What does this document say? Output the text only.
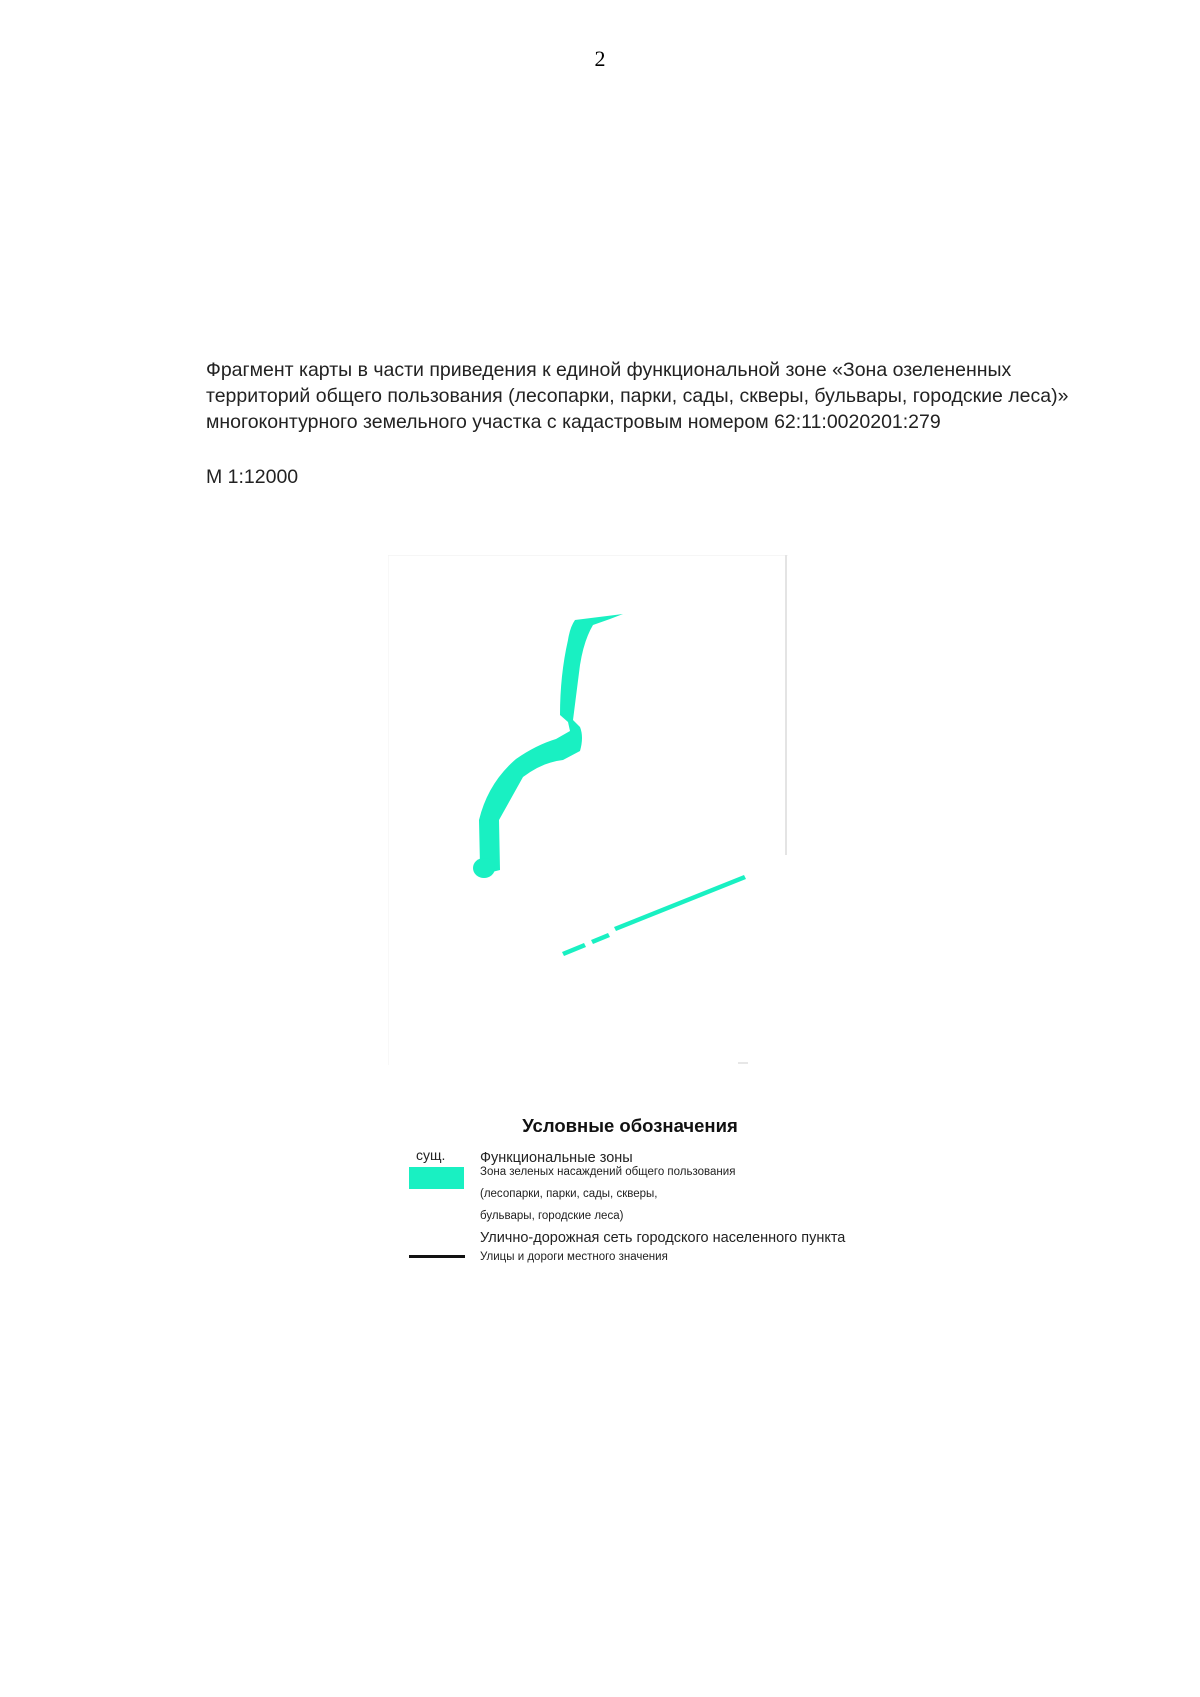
2
Фрагмент карты в части приведения к единой функциональной зоне «Зона озелененных территорий общего пользования (лесопарки, парки, сады, скверы, бульвары, городские леса)» многоконтурного земельного участка с кадастровым номером 62:11:0020201:279
М 1:12000
Условные обозначения
сущ. Функциональные зоны
Зона зеленых насаждений общего пользования
(лесопарки, парки, сады, скверы,
бульвары, городские леса)
Улично-дорожная сеть городского населенного пункта
Улицы и дороги местного значения
